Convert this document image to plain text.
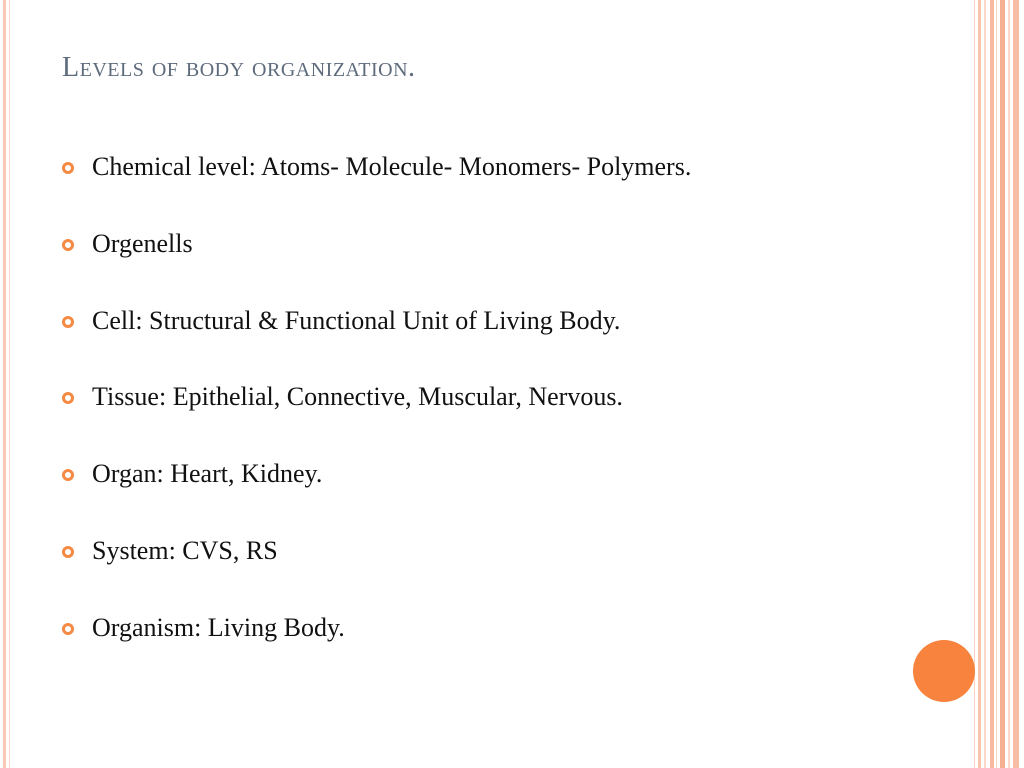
Levels of body organization.
Chemical level: Atoms- Molecule- Monomers- Polymers.
Orgenells
Cell: Structural & Functional Unit of Living Body.
Tissue: Epithelial, Connective, Muscular, Nervous.
Organ: Heart, Kidney.
System: CVS, RS
Organism: Living Body.
